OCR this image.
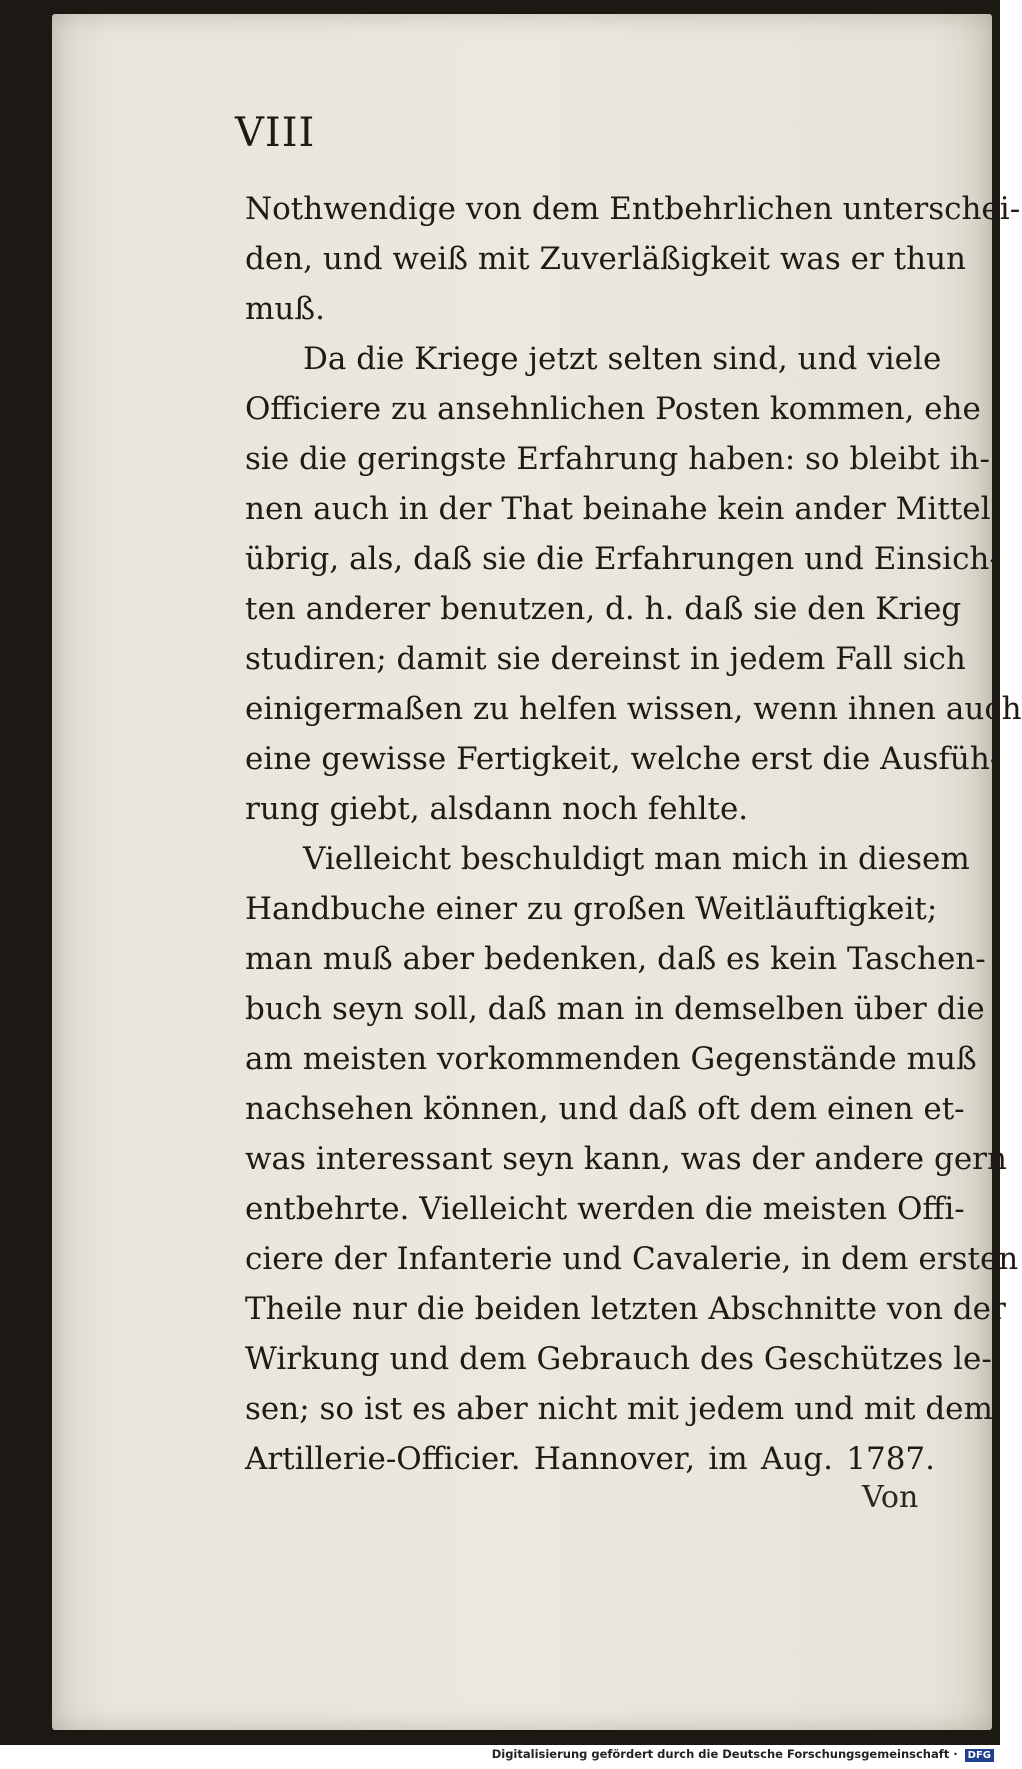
VIII
Nothwendige von dem Entbehrlichen unterschei-
den, und weiß mit Zuverläßigkeit was er thun
muß.
Da die Kriege jetzt selten sind, und viele
Officiere zu ansehnlichen Posten kommen, ehe
sie die geringste Erfahrung haben: so bleibt ih-
nen auch in der That beinahe kein ander Mittel
übrig, als, daß sie die Erfahrungen und Einsich-
ten anderer benutzen, d. h. daß sie den Krieg
studiren; damit sie dereinst in jedem Fall sich
einigermaßen zu helfen wissen, wenn ihnen auch
eine gewisse Fertigkeit, welche erst die Ausfüh-
rung giebt, alsdann noch fehlte.
Vielleicht beschuldigt man mich in diesem
Handbuche einer zu großen Weitläuftigkeit;
man muß aber bedenken, daß es kein Taschen-
buch seyn soll, daß man in demselben über die
am meisten vorkommenden Gegenstände muß
nachsehen können, und daß oft dem einen et-
was interessant seyn kann, was der andere gern
entbehrte. Vielleicht werden die meisten Offi-
ciere der Infanterie und Cavalerie, in dem ersten
Theile nur die beiden letzten Abschnitte von der
Wirkung und dem Gebrauch des Geschützes le-
sen; so ist es aber nicht mit jedem und mit dem
Artillerie-Officier. Hannover, im Aug. 1787.
Von
Digitalisierung gefördert durch die Deutsche Forschungsgemeinschaft · DFG
